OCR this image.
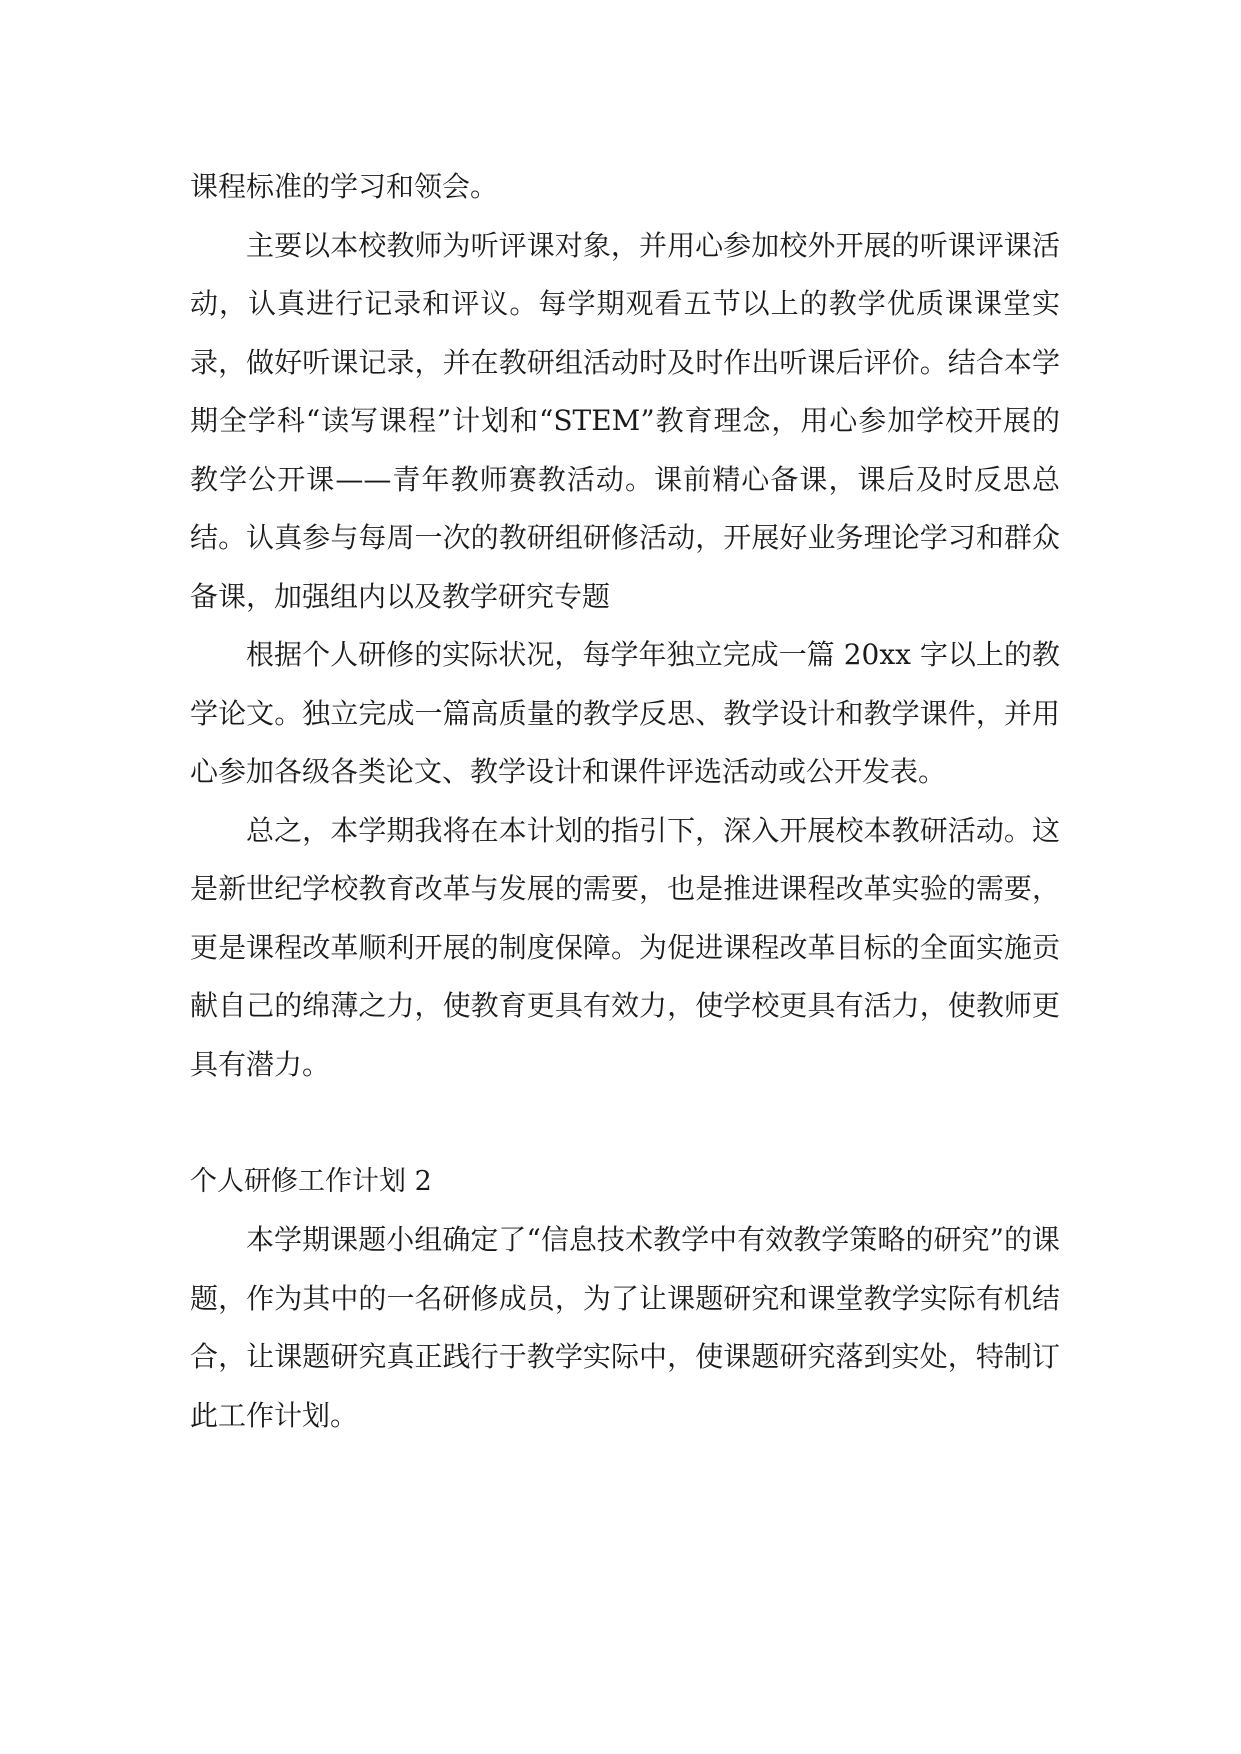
课程标准的学习和领会。

主要以本校教师为听评课对象，并用心参加校外开展的听课评课活动，认真进行记录和评议。每学期观看五节以上的教学优质课课堂实录，做好听课记录，并在教研组活动时及时作出听课后评价。结合本学期全学科“读写课程”计划和“STEM”教育理念，用心参加学校开展的教学公开课——青年教师赛教活动。课前精心备课，课后及时反思总结。认真参与每周一次的教研组研修活动，开展好业务理论学习和群众备课，加强组内以及教学研究专题

根据个人研修的实际状况，每学年独立完成一篇 20xx 字以上的教学论文。独立完成一篇高质量的教学反思、教学设计和教学课件，并用心参加各级各类论文、教学设计和课件评选活动或公开发表。

总之，本学期我将在本计划的指引下，深入开展校本教研活动。这是新世纪学校教育改革与发展的需要，也是推进课程改革实验的需要，更是课程改革顺利开展的制度保障。为促进课程改革目标的全面实施贡献自己的绵薄之力，使教育更具有效力，使学校更具有活力，使教师更具有潜力。

个人研修工作计划 2

本学期课题小组确定了“信息技术教学中有效教学策略的研究”的课题，作为其中的一名研修成员，为了让课题研究和课堂教学实际有机结合，让课题研究真正践行于教学实际中，使课题研究落到实处，特制订此工作计划。
